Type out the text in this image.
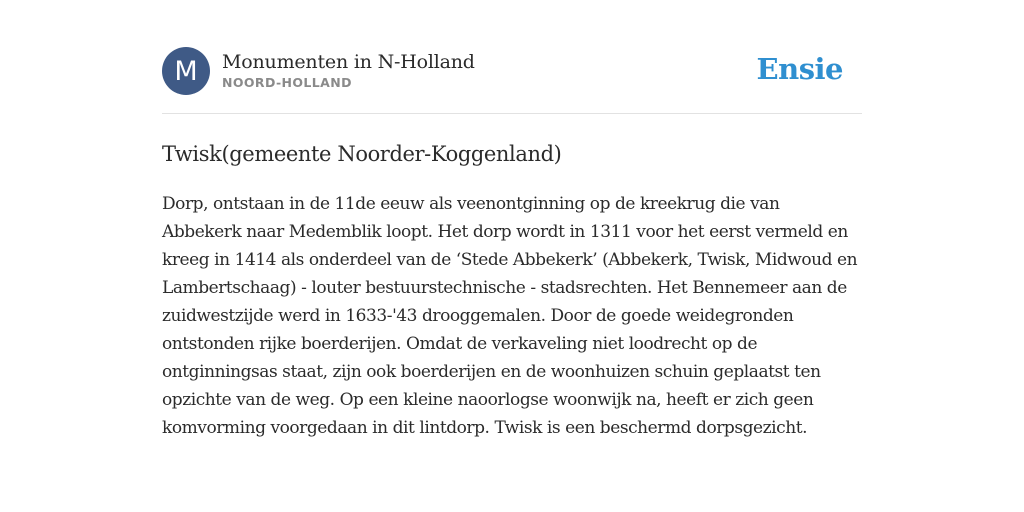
M	Monumenten in N-Holland
NOORD-HOLLAND	Ensie
Twisk(gemeente Noorder-Koggenland)
Dorp, ontstaan in de 11de eeuw als veenontginning op de kreekrug die van Abbekerk naar Medemblik loopt. Het dorp wordt in 1311 voor het eerst vermeld en kreeg in 1414 als onderdeel van de ‘Stede Abbekerk’ (Abbekerk, Twisk, Midwoud en Lambertschaag) - louter bestuurstechnische - stadsrechten. Het Bennemeer aan de zuidwestzijde werd in 1633-'43 drooggemalen. Door de goede weidegronden ontstonden rijke boerderijen. Omdat de verkaveling niet loodrecht op de ontginningsas staat, zijn ook boerderijen en de woonhuizen schuin geplaatst ten opzichte van de weg. Op een kleine naoorlogse woonwijk na, heeft er zich geen komvorming voorgedaan in dit lintdorp. Twisk is een beschermd dorpsgezicht.
